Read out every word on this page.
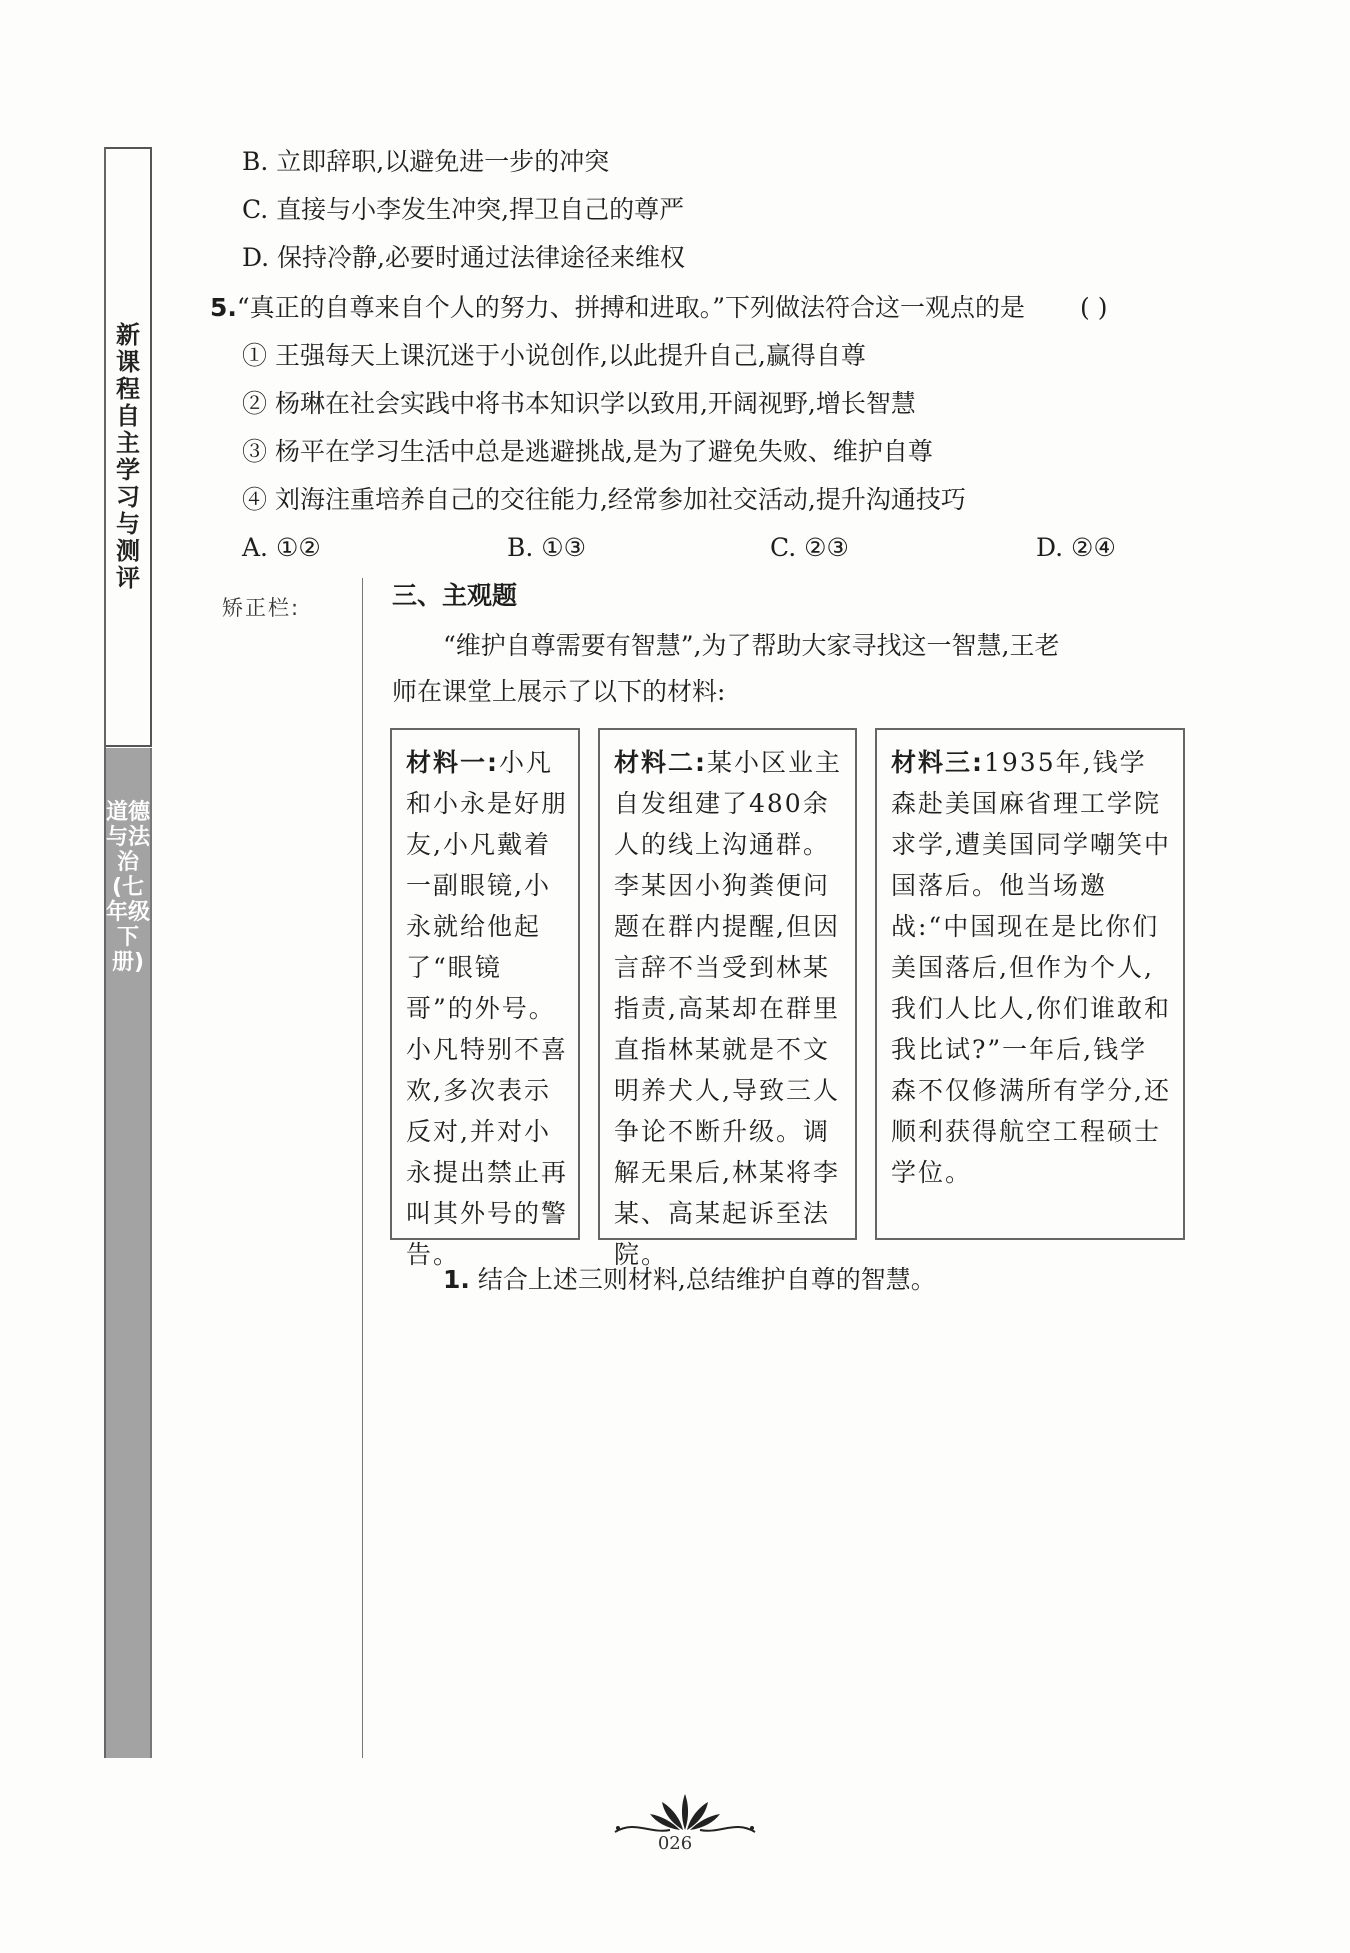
新课程自主学习与测评
道德与法治(七年级下册)
B. 立即辞职,以避免进一步的冲突
C. 直接与小李发生冲突,捍卫自己的尊严
D. 保持冷静,必要时通过法律途径来维权
5.“真正的自尊来自个人的努力、拼搏和进取。”下列做法符合这一观点的是 ( )
① 王强每天上课沉迷于小说创作,以此提升自己,赢得自尊
② 杨琳在社会实践中将书本知识学以致用,开阔视野,增长智慧
③ 杨平在学习生活中总是逃避挑战,是为了避免失败、维护自尊
④ 刘海注重培养自己的交往能力,经常参加社交活动,提升沟通技巧
A. ①②	B. ①③	C. ②③	D. ②④
矫正栏:	三、主观题
“维护自尊需要有智慧”,为了帮助大家寻找这一智慧,王老
师在课堂上展示了以下的材料:
材料一:小凡和小永是好朋友,小凡戴着一副眼镜,小永就给他起了“眼镜哥”的外号。小凡特别不喜欢,多次表示反对,并对小永提出禁止再叫其外号的警告。
材料二:某小区业主自发组建了480余人的线上沟通群。李某因小狗粪便问题在群内提醒,但因言辞不当受到林某指责,高某却在群里直指林某就是不文明养犬人,导致三人争论不断升级。调解无果后,林某将李某、高某起诉至法院。
材料三:1935年,钱学森赴美国麻省理工学院求学,遭美国同学嘲笑中国落后。他当场邀战:“中国现在是比你们美国落后,但作为个人,我们人比人,你们谁敢和我比试?”一年后,钱学森不仅修满所有学分,还顺利获得航空工程硕士学位。
1. 结合上述三则材料,总结维护自尊的智慧。
026
